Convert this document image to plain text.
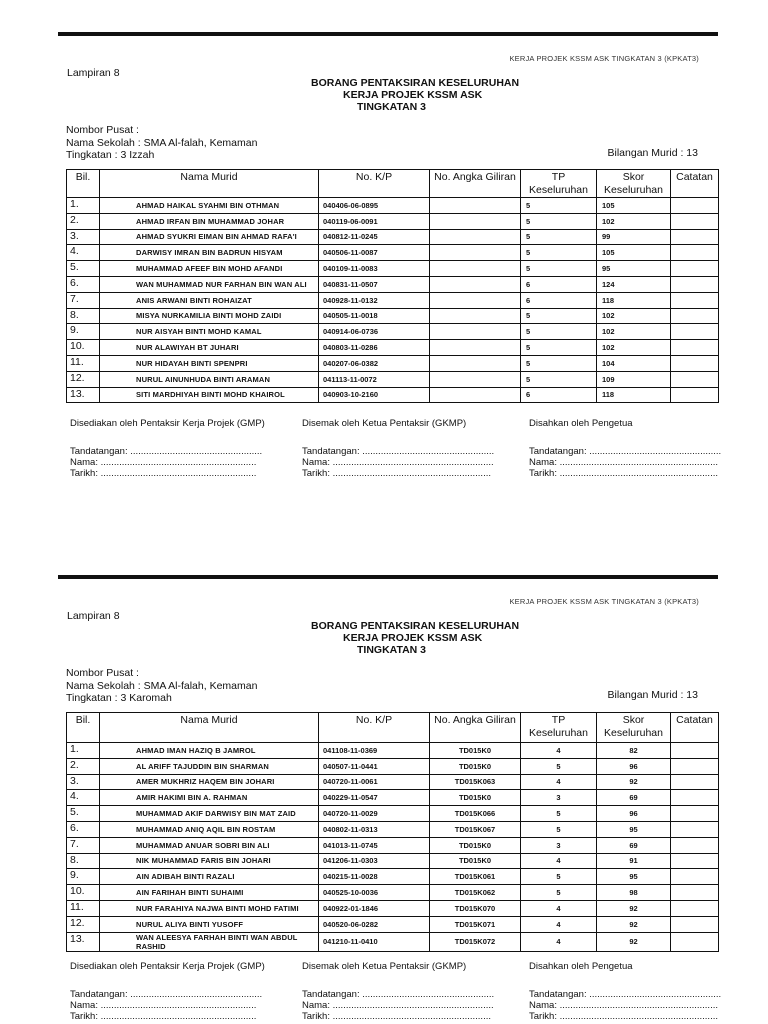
KERJA PROJEK KSSM ASK TINGKATAN 3 (KPKAT3)
Lampiran 8
BORANG PENTAKSIRAN KESELURUHAN
KERJA PROJEK KSSM ASK
TINGKATAN 3
Nombor Pusat :
Nama Sekolah : SMA Al-falah, Kemaman
Tingkatan : 3 Izzah	Bilangan Murid : 13
Bil.	Nama Murid	No. K/P	No. Angka Giliran	TP Keseluruhan	Skor Keseluruhan	Catatan
1.	AHMAD HAIKAL SYAHMI BIN OTHMAN	040406-06-0895		5	105	
2.	AHMAD IRFAN BIN MUHAMMAD JOHAR	040119-06-0091		5	102	
3.	AHMAD SYUKRI EIMAN BIN AHMAD RAFA'I	040812-11-0245		5	99	
4.	DARWISY IMRAN BIN BADRUN HISYAM	040506-11-0087		5	105	
5.	MUHAMMAD AFEEF BIN MOHD AFANDI	040109-11-0083		5	95	
6.	WAN MUHAMMAD NUR FARHAN BIN WAN ALI	040831-11-0507		6	124	
7.	ANIS ARWANI BINTI ROHAIZAT	040928-11-0132		6	118	
8.	MISYA NURKAMILIA BINTI MOHD ZAIDI	040505-11-0018		5	102	
9.	NUR AISYAH BINTI MOHD KAMAL	040914-06-0736		5	102	
10.	NUR ALAWIYAH BT JUHARI	040803-11-0286		5	102	
11.	NUR HIDAYAH BINTI SPENPRI	040207-06-0382		5	104	
12.	NURUL AINUNHUDA BINTI ARAMAN	041113-11-0072		5	109	
13.	SITI MARDHIYAH BINTI MOHD KHAIROL	040903-10-2160		6	118	
Disediakan oleh Pentaksir Kerja Projek (GMP)
Tandatangan: ..................................................
Nama: ...........................................................
Tarikh: ...........................................................
Disemak oleh Ketua Pentaksir (GKMP)
Tandatangan: ..................................................
Nama: .............................................................
Tarikh: ............................................................
Disahkan oleh Pengetua
Tandatangan: ..................................................
Nama: ............................................................
Tarikh: ............................................................
KERJA PROJEK KSSM ASK TINGKATAN 3 (KPKAT3)
Lampiran 8
BORANG PENTAKSIRAN KESELURUHAN
KERJA PROJEK KSSM ASK
TINGKATAN 3
Nombor Pusat :
Nama Sekolah : SMA Al-falah, Kemaman
Tingkatan : 3 Karomah	Bilangan Murid : 13
Bil.	Nama Murid	No. K/P	No. Angka Giliran	TP Keseluruhan	Skor Keseluruhan	Catatan
1.	AHMAD IMAN HAZIQ B JAMROL	041108-11-0369	TD015K0	4	82	
2.	AL ARIFF TAJUDDIN BIN SHARMAN	040507-11-0441	TD015K0	5	96	
3.	AMER MUKHRIZ HAQEM BIN JOHARI	040720-11-0061	TD015K063	4	92	
4.	AMIR HAKIMI BIN A. RAHMAN	040229-11-0547	TD015K0	3	69	
5.	MUHAMMAD AKIF DARWISY BIN MAT ZAID	040720-11-0029	TD015K066	5	96	
6.	MUHAMMAD ANIQ AQIL BIN ROSTAM	040802-11-0313	TD015K067	5	95	
7.	MUHAMMAD ANUAR SOBRI BIN ALI	041013-11-0745	TD015K0	3	69	
8.	NIK MUHAMMAD FARIS BIN JOHARI	041206-11-0303	TD015K0	4	91	
9.	AIN ADIBAH BINTI RAZALI	040215-11-0028	TD015K061	5	95	
10.	AIN FARIHAH BINTI SUHAIMI	040525-10-0036	TD015K062	5	98	
11.	NUR FARAHIYA NAJWA BINTI MOHD FATIMI	040922-01-1846	TD015K070	4	92	
12.	NURUL ALIYA BINTI YUSOFF	040520-06-0282	TD015K071	4	92	
13.	WAN ALEESYA FARHAH BINTI WAN ABDUL RASHID	041210-11-0410	TD015K072	4	92	
Disediakan oleh Pentaksir Kerja Projek (GMP)
Tandatangan: ..................................................
Nama: ...........................................................
Tarikh: ...........................................................
Disemak oleh Ketua Pentaksir (GKMP)
Tandatangan: ..................................................
Nama: .............................................................
Tarikh: ............................................................
Disahkan oleh Pengetua
Tandatangan: ..................................................
Nama: ............................................................
Tarikh: ............................................................
